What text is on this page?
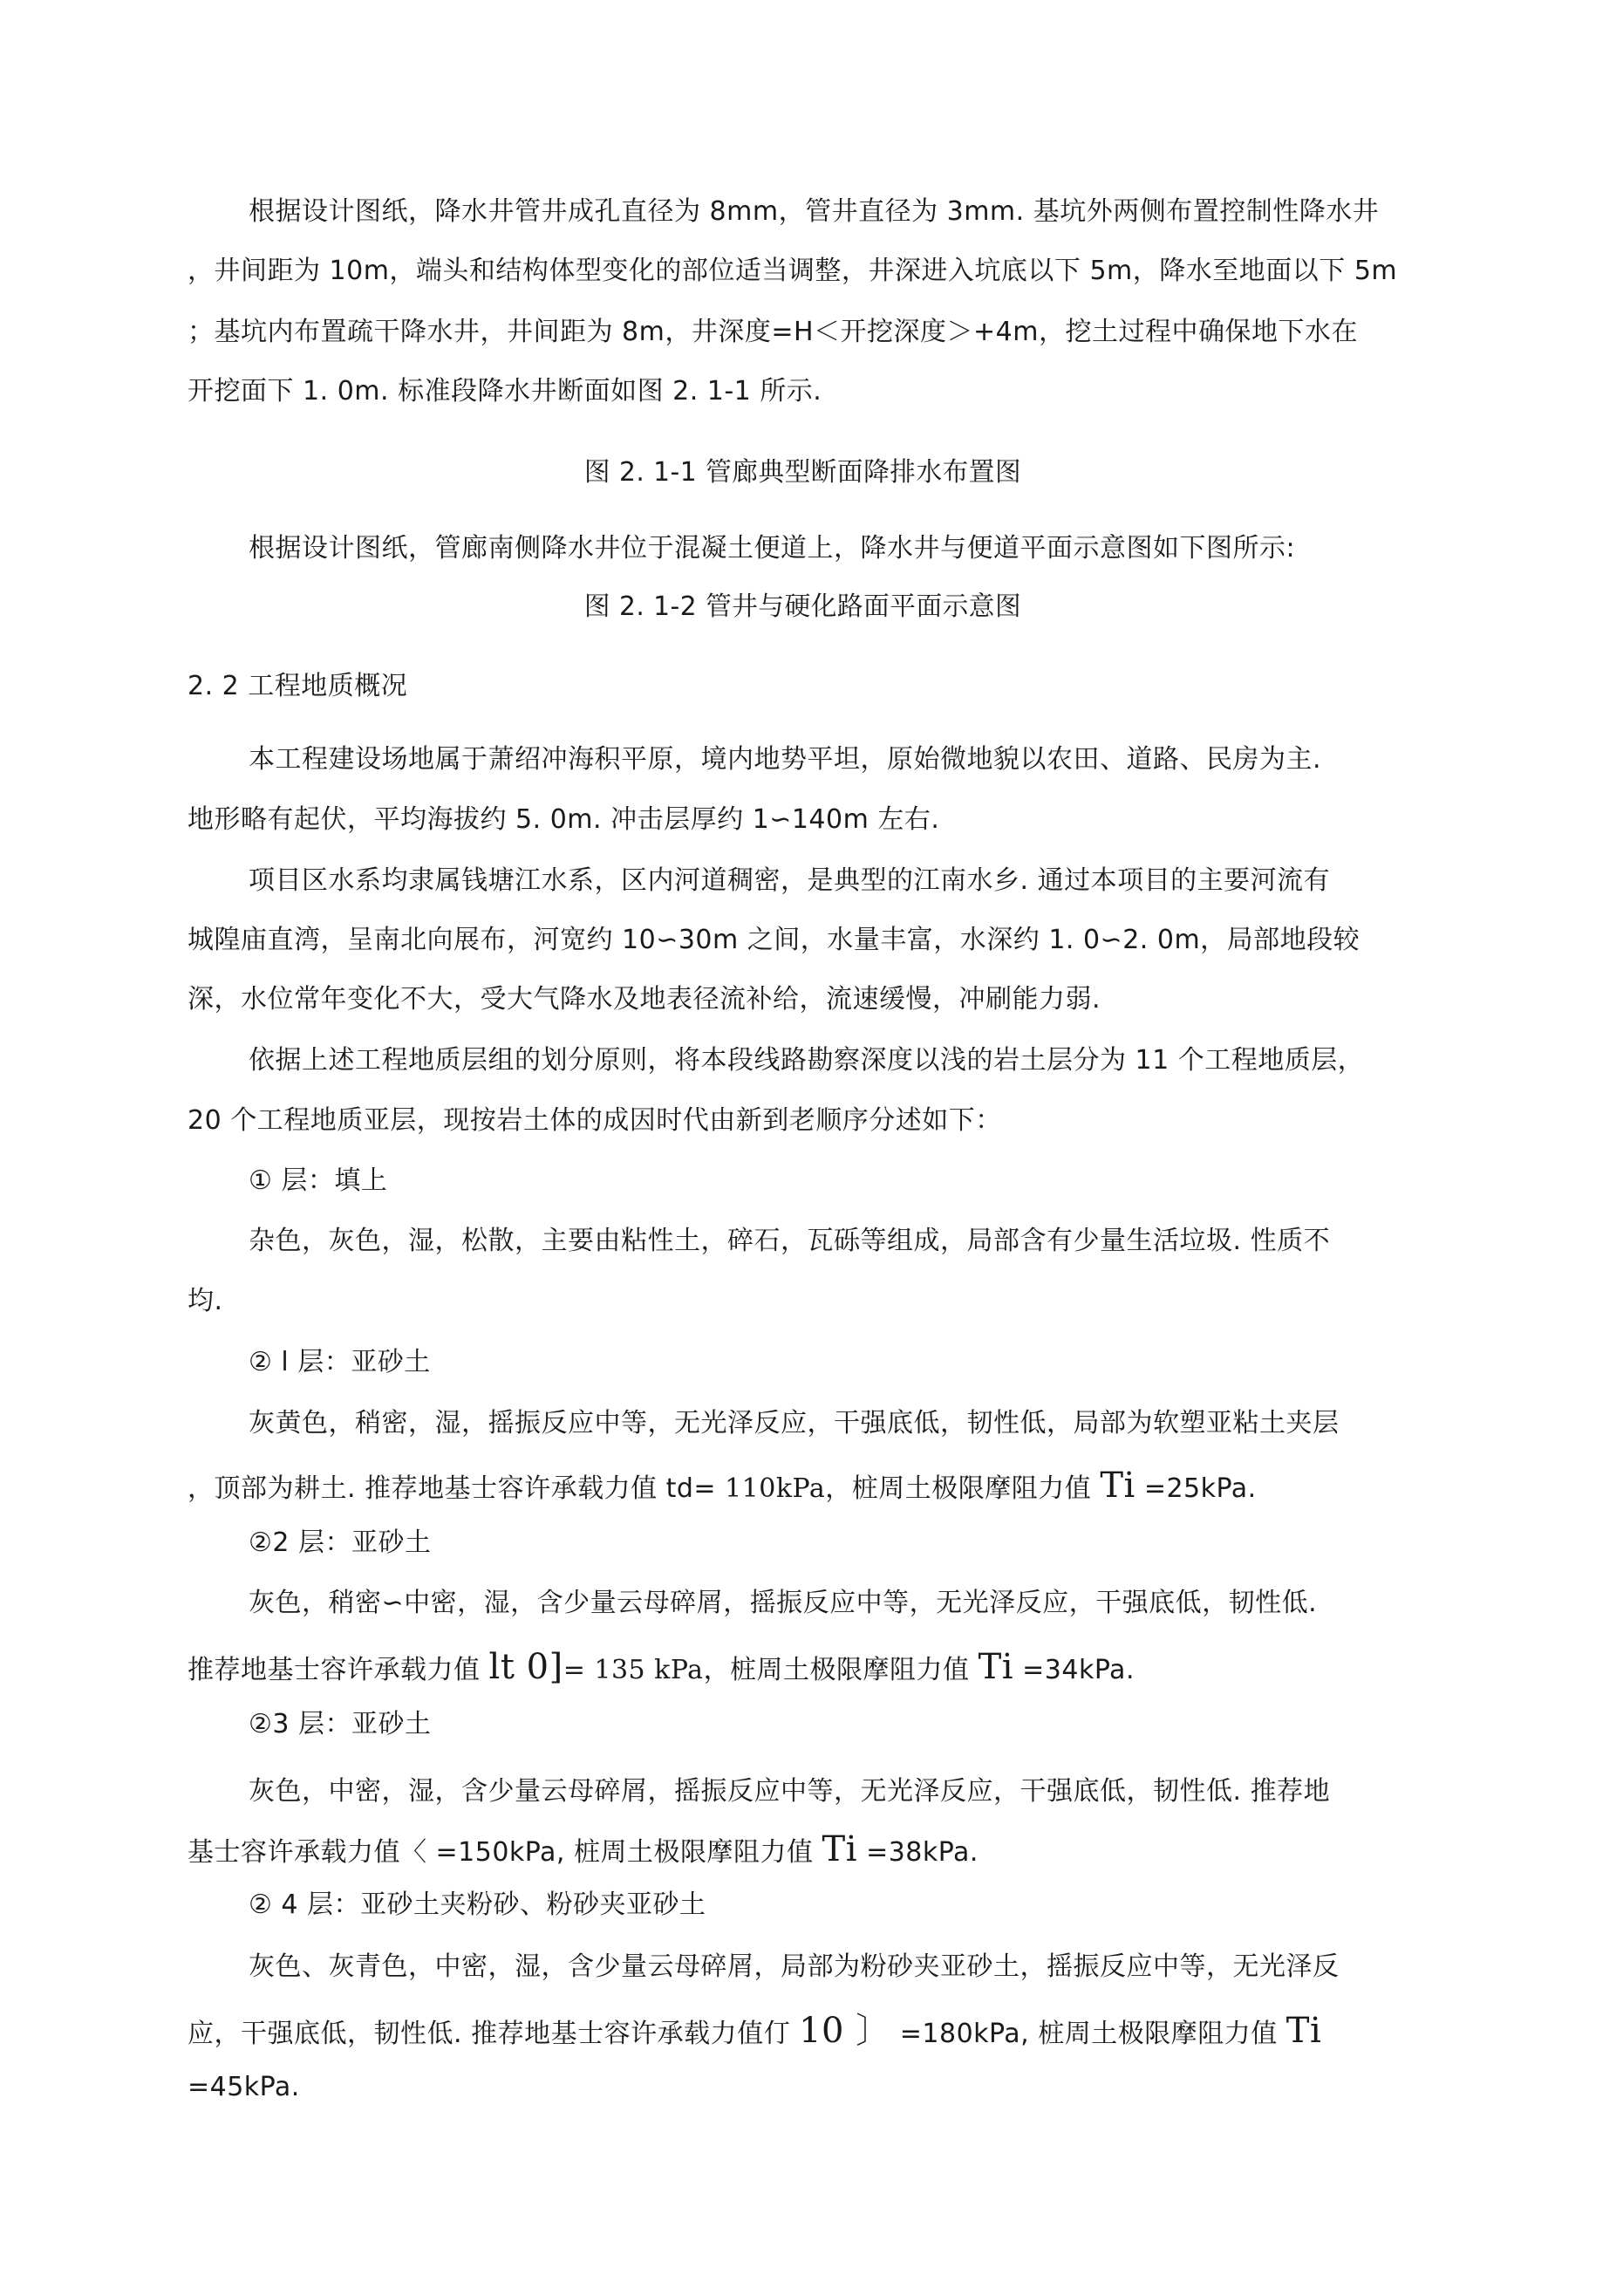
根据设计图纸，降水井管井成孔直径为 8mm，管井直径为 3mm. 基坑外两侧布置控制性降水井

，井间距为 10m，端头和结构体型变化的部位适当调整，井深进入坑底以下 5m，降水至地面以下 5m

；基坑内布置疏干降水井，井间距为 8m，井深度=H＜开挖深度＞+4m，挖土过程中确保地下水在

开挖面下 1. 0m. 标准段降水井断面如图 2. 1-1 所示.

图 2. 1-1 管廊典型断面降排水布置图

根据设计图纸，管廊南侧降水井位于混凝土便道上，降水井与便道平面示意图如下图所示:

图 2. 1-2 管井与硬化路面平面示意图

2. 2 工程地质概况

本工程建设场地属于萧绍冲海积平原，境内地势平坦，原始微地貌以农田、道路、民房为主.

地形略有起伏，平均海拔约 5. 0m. 冲击层厚约 1∽140m 左右.

项目区水系均隶属钱塘江水系，区内河道稠密，是典型的江南水乡. 通过本项目的主要河流有

城隍庙直湾，呈南北向展布，河宽约 10∽30m 之间，水量丰富，水深约 1. 0∽2. 0m，局部地段较

深，水位常年变化不大，受大气降水及地表径流补给，流速缓慢，冲刷能力弱.

依据上述工程地质层组的划分原则，将本段线路勘察深度以浅的岩土层分为 11 个工程地质层，

20 个工程地质亚层，现按岩土体的成因时代由新到老顺序分述如下：

① 层：填上

杂色，灰色，湿，松散，主要由粘性土，碎石，瓦砾等组成，局部含有少量生活垃圾. 性质不

均.

② l 层：亚砂土

灰黄色，稍密，湿，摇振反应中等，无光泽反应，干强底低，韧性低，局部为软塑亚粘土夹层

，顶部为耕土. 推荐地基士容许承载力值 td= 110kPa，桩周土极限摩阻力值 Ti =25kPa.

②2 层：亚砂土

灰色，稍密∽中密，湿，含少量云母碎屑，摇振反应中等，无光泽反应，干强底低，韧性低.

推荐地基士容许承载力值 lt 0]= 135 kPa，桩周土极限摩阻力值 Ti =34kPa.

②3 层：亚砂土

灰色，中密，湿，含少量云母碎屑，摇振反应中等，无光泽反应，干强底低，韧性低. 推荐地

基士容许承载力值〈 =150kPa, 桩周土极限摩阻力值 Ti =38kPa.

② 4 层：亚砂土夹粉砂、粉砂夹亚砂土

灰色、灰青色，中密，湿，含少量云母碎屑，局部为粉砂夹亚砂土，摇振反应中等，无光泽反

应，干强底低，韧性低. 推荐地基士容许承载力值仃 10 〕 =180kPa, 桩周土极限摩阻力值 Ti

=45kPa.
